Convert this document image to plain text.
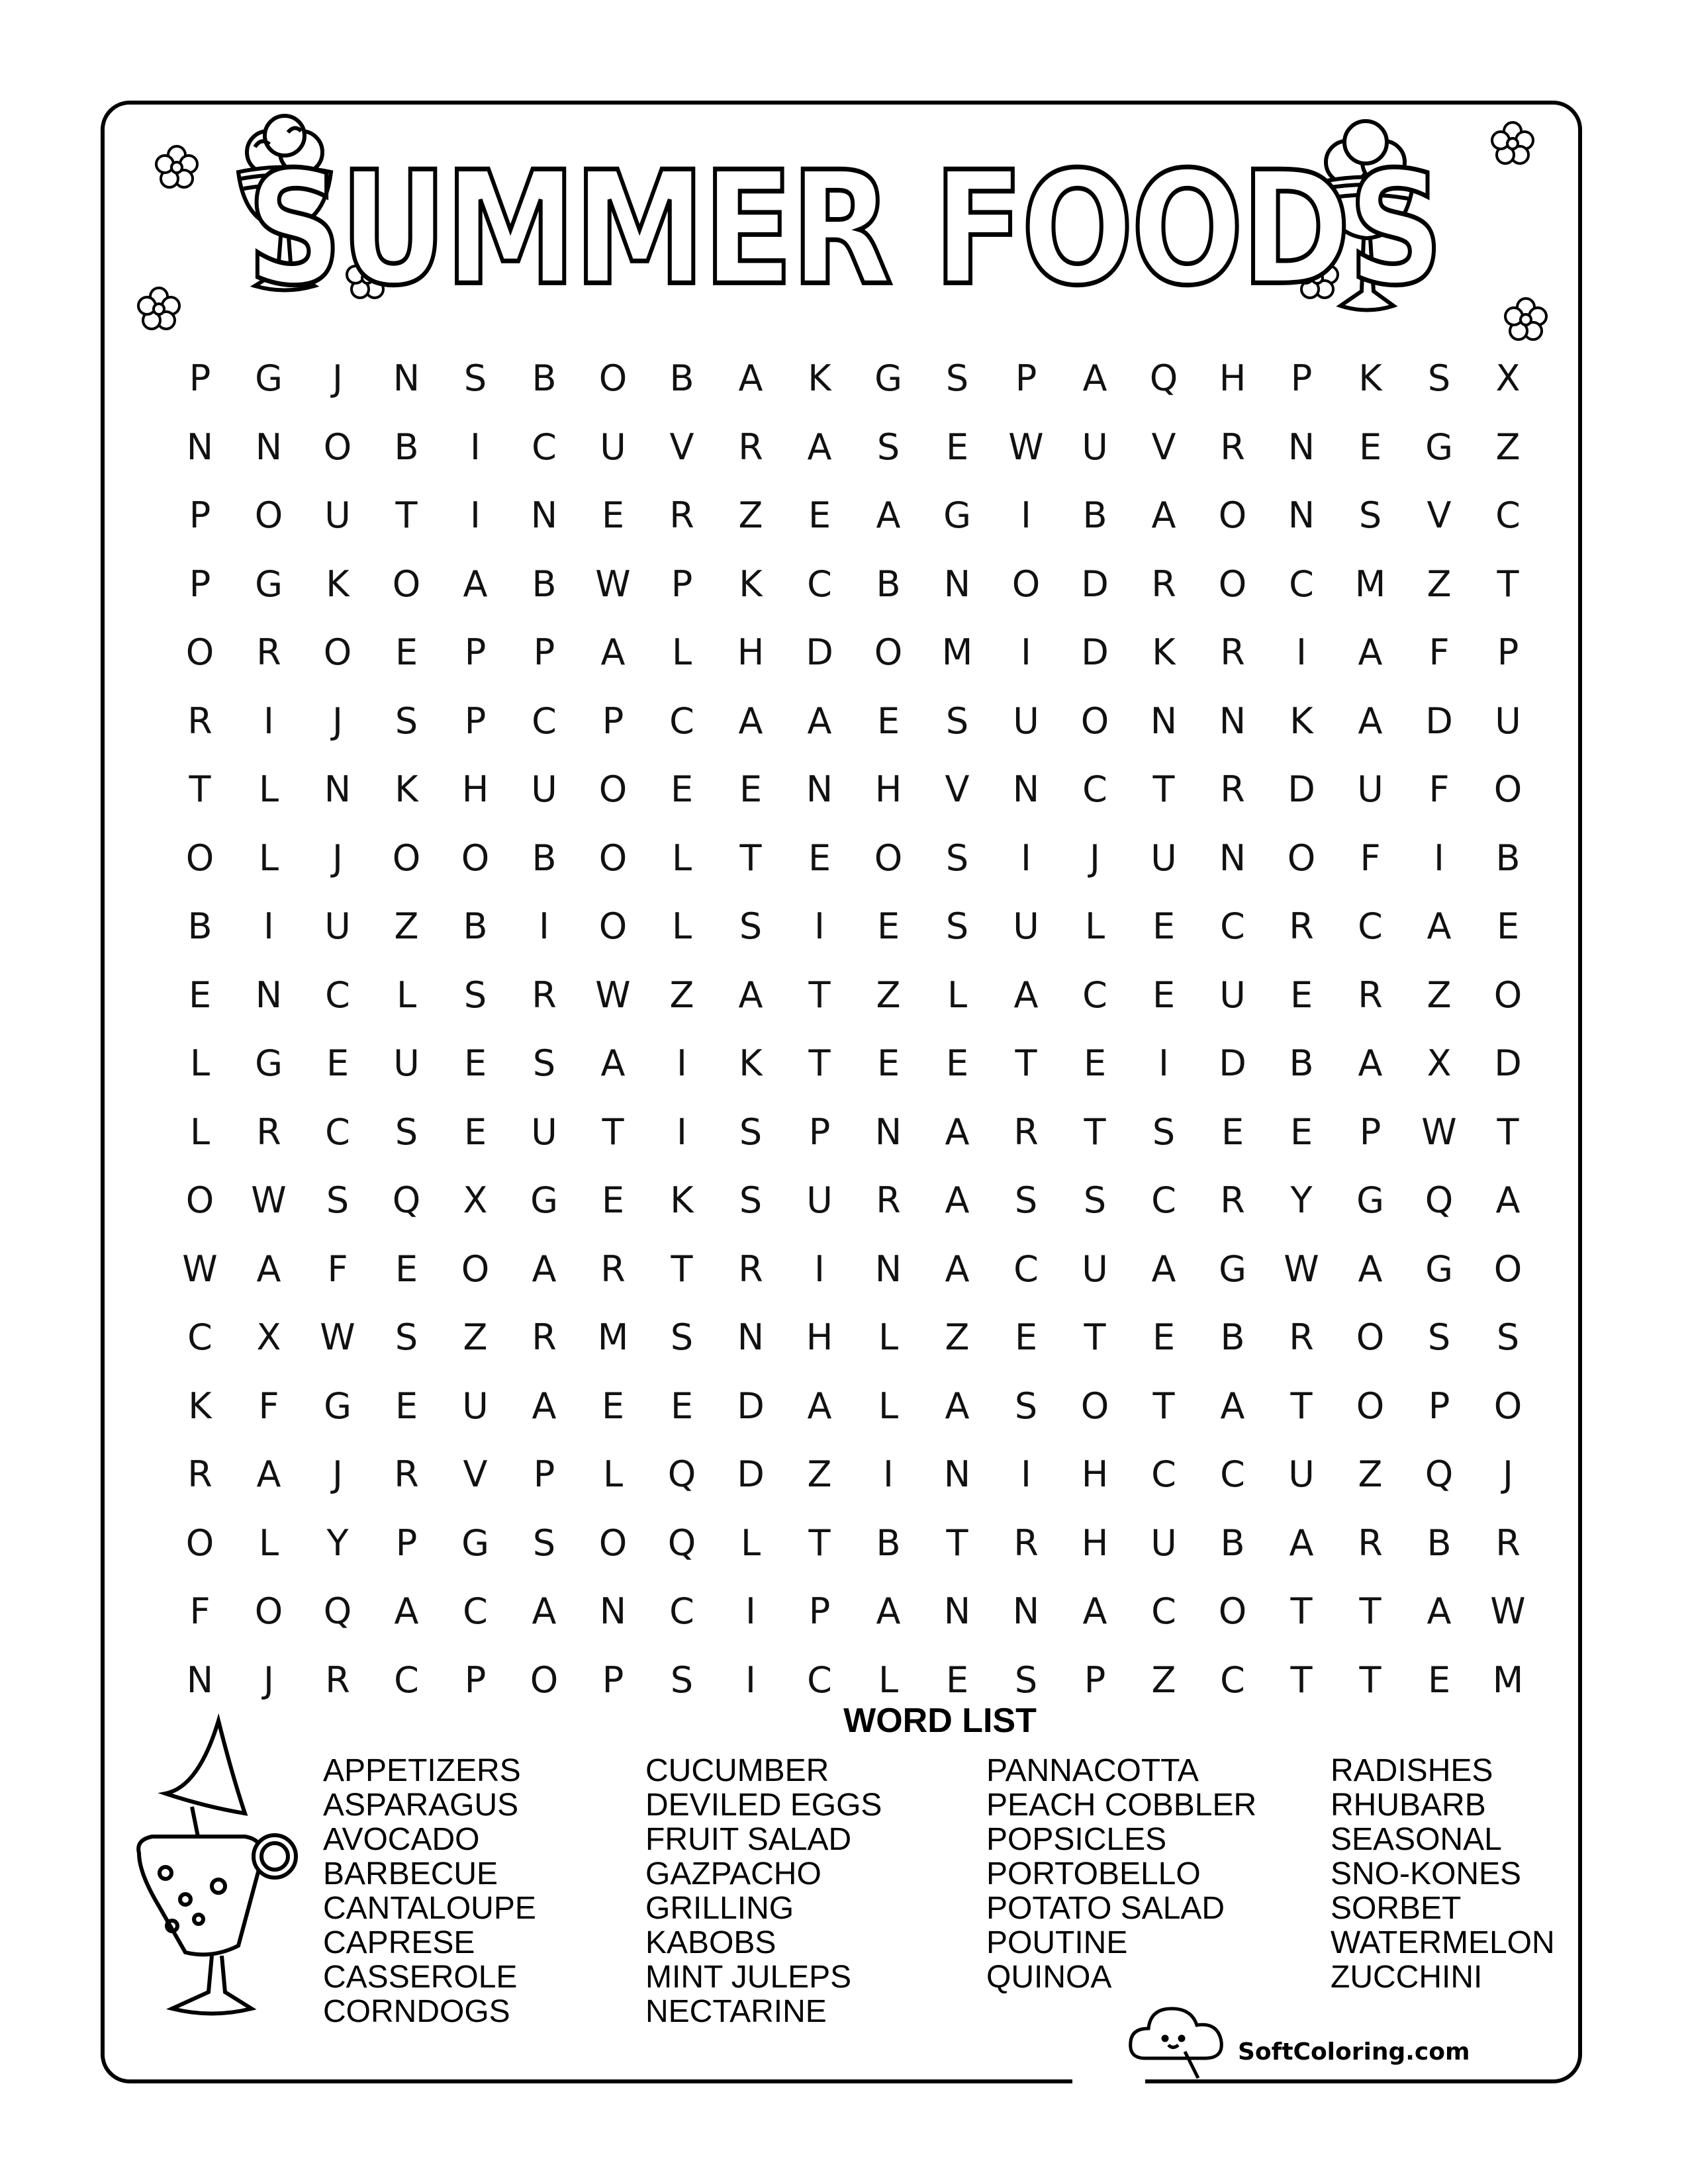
SUMMER FOODS
P	G	J	N	S	B	O	B	A	K	G	S	P	A	Q	H	P	K	S	X
N	N	O	B	I	C	U	V	R	A	S	E	W	U	V	R	N	E	G	Z
P	O	U	T	I	N	E	R	Z	E	A	G	I	B	A	O	N	S	V	C
P	G	K	O	A	B	W	P	K	C	B	N	O	D	R	O	C	M	Z	T
O	R	O	E	P	P	A	L	H	D	O	M	I	D	K	R	I	A	F	P
R	I	J	S	P	C	P	C	A	A	E	S	U	O	N	N	K	A	D	U
T	L	N	K	H	U	O	E	E	N	H	V	N	C	T	R	D	U	F	O
O	L	J	O	O	B	O	L	T	E	O	S	I	J	U	N	O	F	I	B
B	I	U	Z	B	I	O	L	S	I	E	S	U	L	E	C	R	C	A	E
E	N	C	L	S	R	W	Z	A	T	Z	L	A	C	E	U	E	R	Z	O
L	G	E	U	E	S	A	I	K	T	E	E	T	E	I	D	B	A	X	D
L	R	C	S	E	U	T	I	S	P	N	A	R	T	S	E	E	P	W	T
O	W	S	Q	X	G	E	K	S	U	R	A	S	S	C	R	Y	G	Q	A
W	A	F	E	O	A	R	T	R	I	N	A	C	U	A	G	W	A	G	O
C	X	W	S	Z	R	M	S	N	H	L	Z	E	T	E	B	R	O	S	S
K	F	G	E	U	A	E	E	D	A	L	A	S	O	T	A	T	O	P	O
R	A	J	R	V	P	L	Q	D	Z	I	N	I	H	C	C	U	Z	Q	J
O	L	Y	P	G	S	O	Q	L	T	B	T	R	H	U	B	A	R	B	R
F	O	Q	A	C	A	N	C	I	P	A	N	N	A	C	O	T	T	A	W
N	J	R	C	P	O	P	S	I	C	L	E	S	P	Z	C	T	T	E	M
WORD LIST
APPETIZERS
ASPARAGUS
AVOCADO
BARBECUE
CANTALOUPE
CAPRESE
CASSEROLE
CORNDOGS
CUCUMBER
DEVILED EGGS
FRUIT SALAD
GAZPACHO
GRILLING
KABOBS
MINT JULEPS
NECTARINE
PANNACOTTA
PEACH COBBLER
POPSICLES
PORTOBELLO
POTATO SALAD
POUTINE
QUINOA
RADISHES
RHUBARB
SEASONAL
SNO-KONES
SORBET
WATERMELON
ZUCCHINI
SoftColoring.com
